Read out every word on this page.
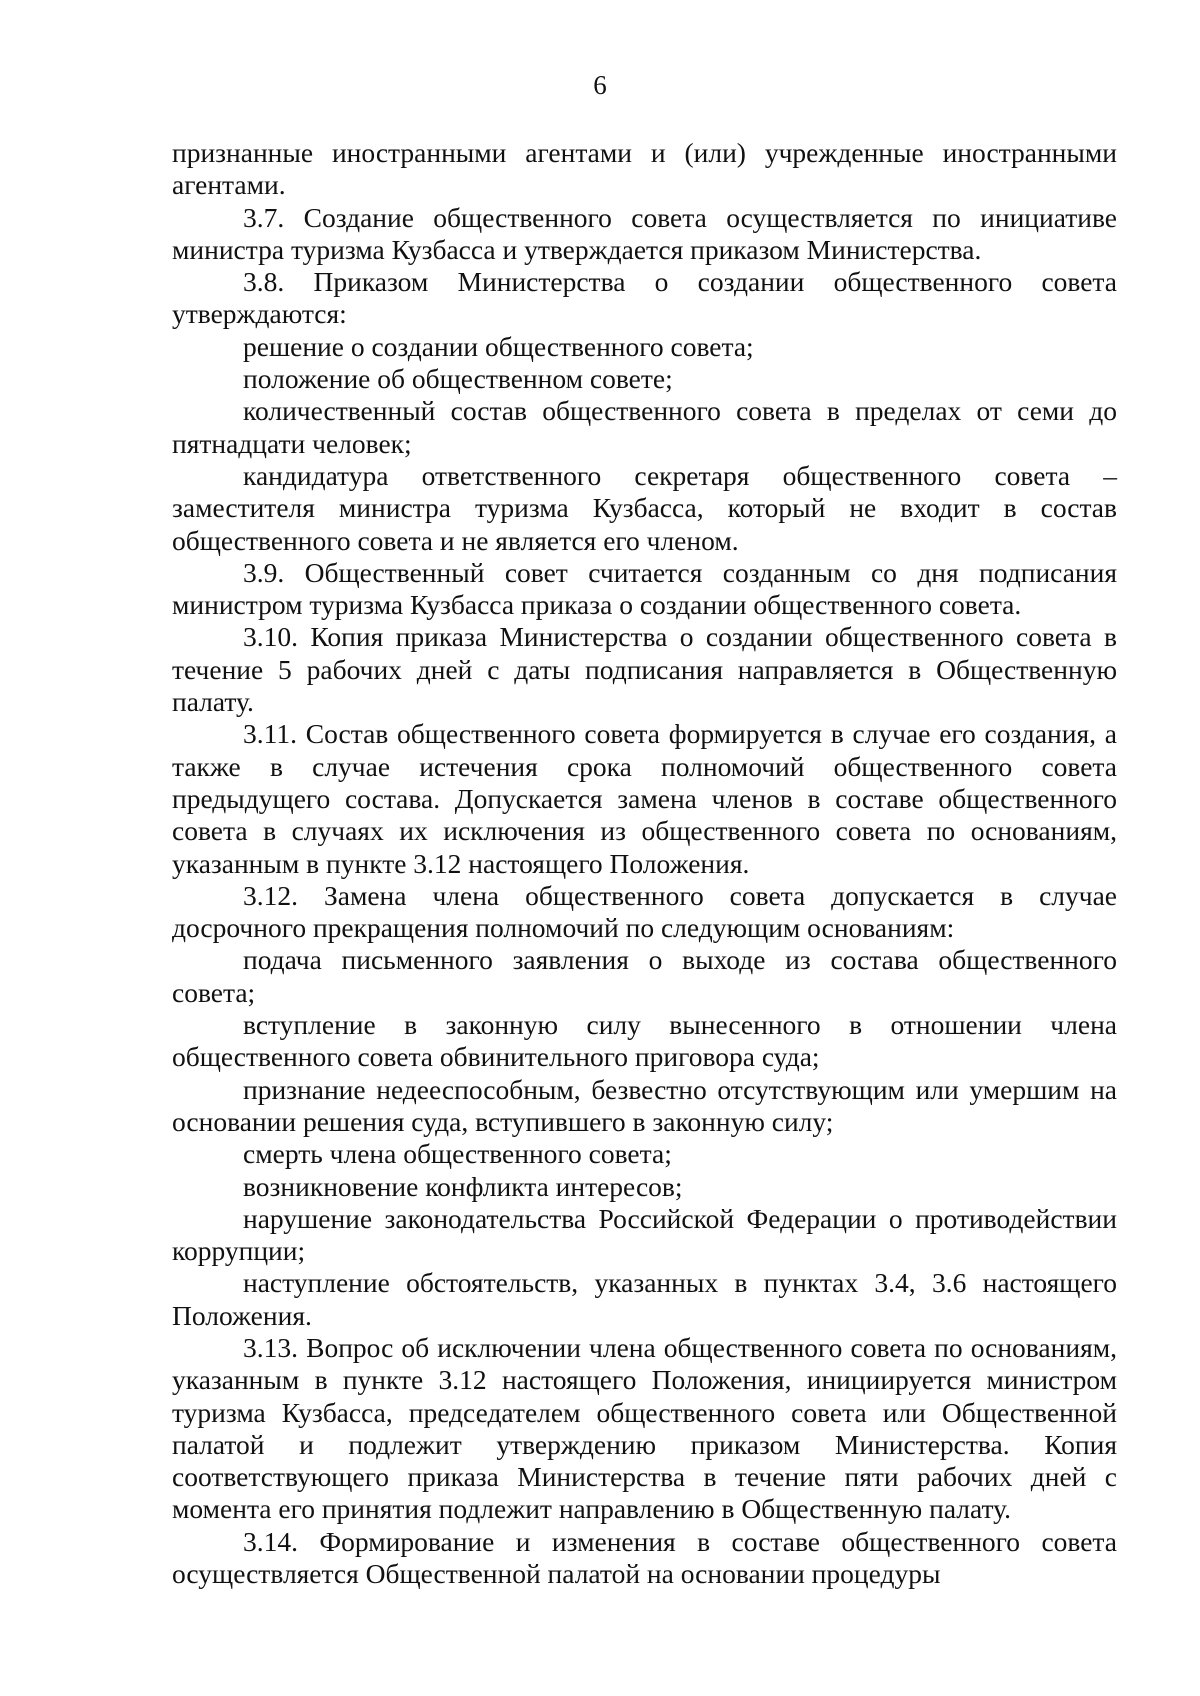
6

признанные иностранными агентами и (или) учрежденные иностранными агентами.

3.7. Создание общественного совета осуществляется по инициативе министра туризма Кузбасса и утверждается приказом Министерства.

3.8. Приказом Министерства о создании общественного совета утверждаются:

решение о создании общественного совета;

положение об общественном совете;

количественный состав общественного совета в пределах от семи до пятнадцати человек;

кандидатура ответственного секретаря общественного совета – заместителя министра туризма Кузбасса, который не входит в состав общественного совета и не является его членом.

3.9. Общественный совет считается созданным со дня подписания министром туризма Кузбасса приказа о создании общественного совета.

3.10. Копия приказа Министерства о создании общественного совета в течение 5 рабочих дней с даты подписания направляется в Общественную палату.

3.11. Состав общественного совета формируется в случае его создания, а также в случае истечения срока полномочий общественного совета предыдущего состава. Допускается замена членов в составе общественного совета в случаях их исключения из общественного совета по основаниям, указанным в пункте 3.12 настоящего Положения.

3.12. Замена члена общественного совета допускается в случае досрочного прекращения полномочий по следующим основаниям:

подача письменного заявления о выходе из состава общественного совета;

вступление в законную силу вынесенного в отношении члена общественного совета обвинительного приговора суда;

признание недееспособным, безвестно отсутствующим или умершим на основании решения суда, вступившего в законную силу;

смерть члена общественного совета;

возникновение конфликта интересов;

нарушение законодательства Российской Федерации о противодействии коррупции;

наступление обстоятельств, указанных в пунктах 3.4, 3.6 настоящего Положения.

3.13. Вопрос об исключении члена общественного совета по основаниям, указанным в пункте 3.12 настоящего Положения, инициируется министром туризма Кузбасса, председателем общественного совета или Общественной палатой и подлежит утверждению приказом Министерства. Копия соответствующего приказа Министерства в течение пяти рабочих дней с момента его принятия подлежит направлению в Общественную палату.

3.14. Формирование и изменения в составе общественного совета осуществляется Общественной палатой на основании процедуры
